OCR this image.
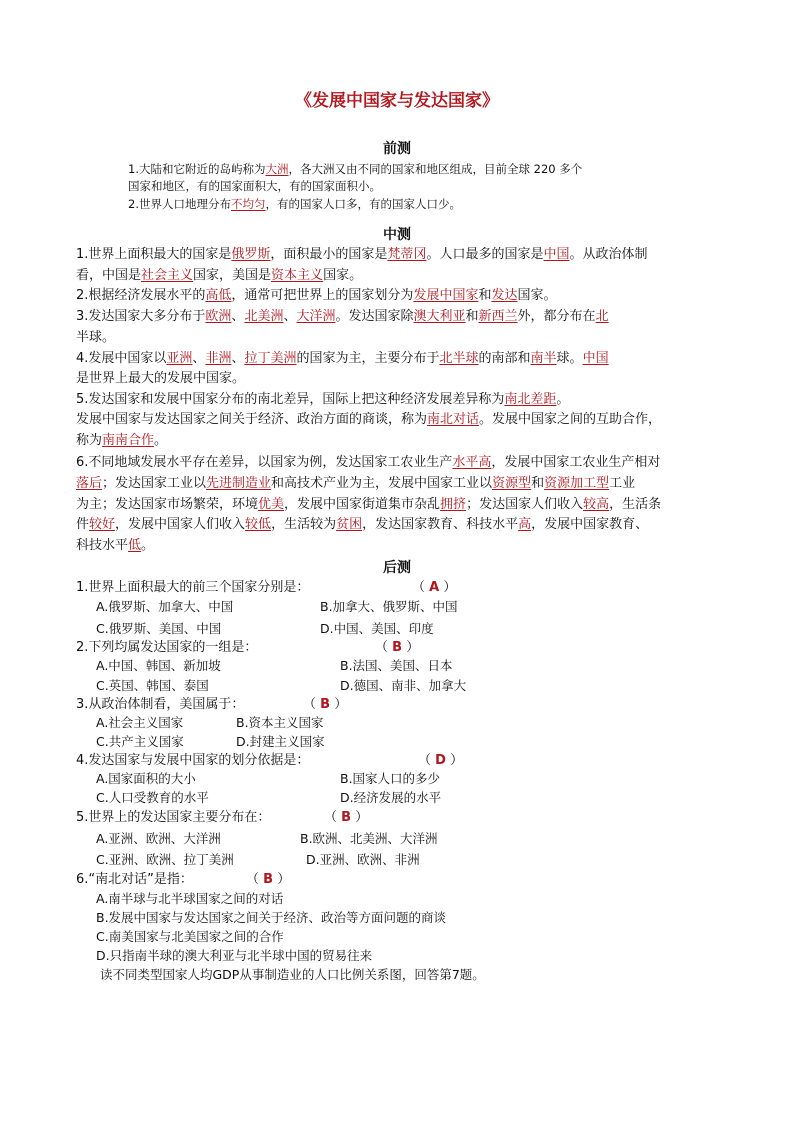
《发展中国家与发达国家》
前测
1.大陆和它附近的岛屿称为大洲，各大洲又由不同的国家和地区组成，目前全球 220 多个
国家和地区，有的国家面积大，有的国家面积小。
2.世界人口地理分布不均匀，有的国家人口多，有的国家人口少。
中测
1.世界上面积最大的国家是俄罗斯，面积最小的国家是梵蒂冈。人口最多的国家是中国。从政治体制
看，中国是社会主义国家，美国是资本主义国家。
2.根据经济发展水平的高低，通常可把世界上的国家划分为发展中国家和发达国家。
3.发达国家大多分布于欧洲、北美洲、大洋洲。发达国家除澳大利亚和新西兰外，都分布在北
半球。
4.发展中国家以亚洲、非洲、拉丁美洲的国家为主，主要分布于北半球的南部和南半球。中国
是世界上最大的发展中国家。
5.发达国家和发展中国家分布的南北差异，国际上把这种经济发展差异称为南北差距。
发展中国家与发达国家之间关于经济、政治方面的商谈，称为南北对话。发展中国家之间的互助合作，
称为南南合作。
6.不同地域发展水平存在差异，以国家为例，发达国家工农业生产水平高，发展中国家工农业生产相对
落后；发达国家工业以先进制造业和高技术产业为主，发展中国家工业以资源型和资源加工型工业
为主；发达国家市场繁荣，环境优美，发展中国家街道集市杂乱拥挤；发达国家人们收入较高，生活条
件较好，发展中国家人们收入较低，生活较为贫困，发达国家教育、科技水平高，发展中国家教育、
科技水平低。
后测
1.世界上面积最大的前三个国家分别是：	（ A ）
A.俄罗斯、加拿大、中国	B.加拿大、俄罗斯、中国
C.俄罗斯、美国、中国	D.中国、美国、印度
2.下列均属发达国家的一组是：	（ B ）
A.中国、韩国、新加坡	B.法国、美国、日本
C.英国、韩国、泰国	D.德国、南非、加拿大
3.从政治体制看，美国属于：	（ B ）
A.社会主义国家	B.资本主义国家
C.共产主义国家	D.封建主义国家
4.发达国家与发展中国家的划分依据是：	（ D ）
A.国家面积的大小	B.国家人口的多少
C.人口受教育的水平	D.经济发展的水平
5.世界上的发达国家主要分布在：	（ B ）
A.亚洲、欧洲、大洋洲	B.欧洲、北美洲、大洋洲
C.亚洲、欧洲、拉丁美洲	D.亚洲、欧洲、非洲
6.“南北对话”是指：	（ B ）
A.南半球与北半球国家之间的对话
B.发展中国家与发达国家之间关于经济、政治等方面问题的商谈
C.南美国家与北美国家之间的合作
D.只指南半球的澳大利亚与北半球中国的贸易往来
读不同类型国家人均GDP从事制造业的人口比例关系图，回答第7题。
